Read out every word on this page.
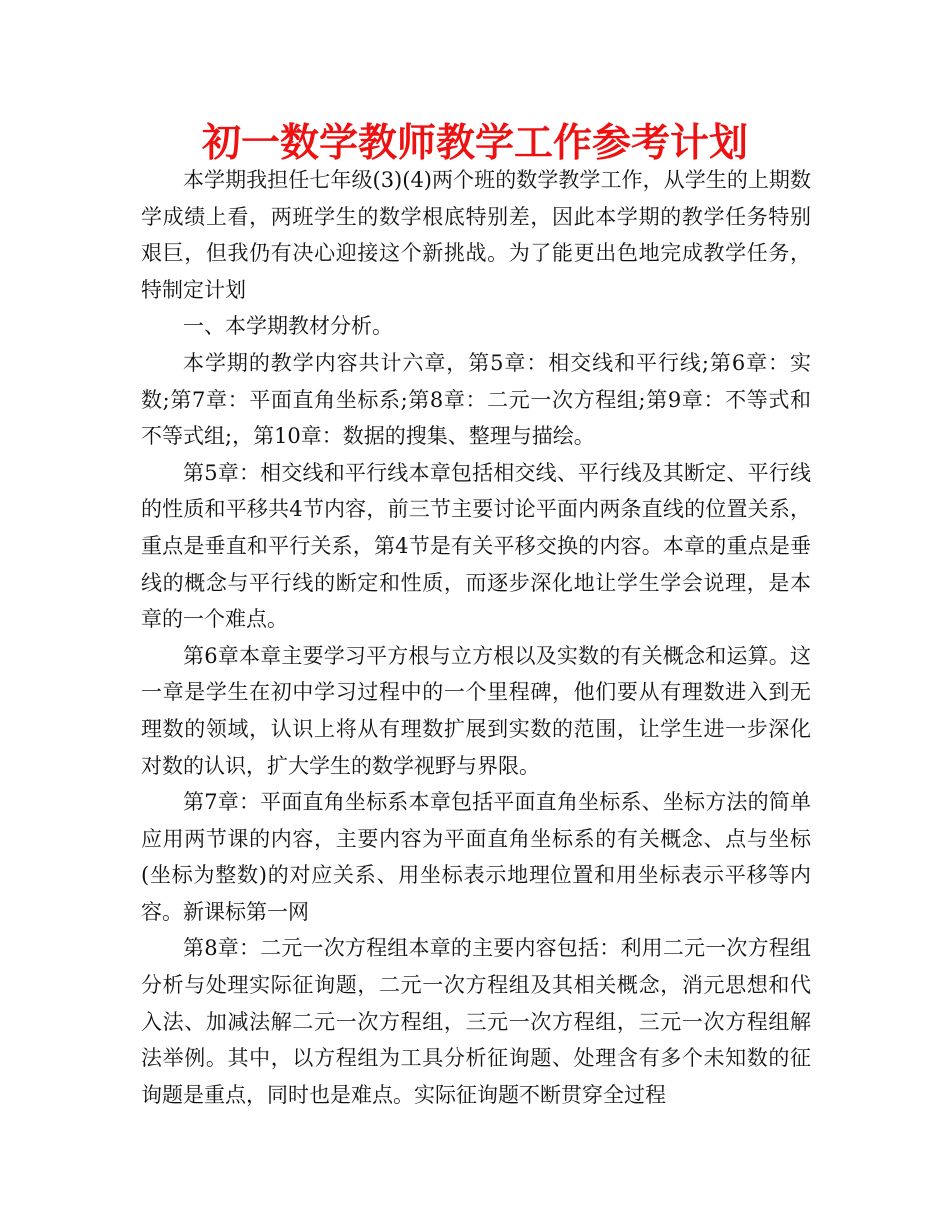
初一数学教师教学工作参考计划

本学期我担任七年级(3)(4)两个班的数学教学工作，从学生的上期数学成绩上看，两班学生的数学根底特别差，因此本学期的教学任务特别艰巨，但我仍有决心迎接这个新挑战。为了能更出色地完成教学任务，特制定计划

一、本学期教材分析。

本学期的教学内容共计六章，第5章：相交线和平行线;第6章：实数;第7章：平面直角坐标系;第8章：二元一次方程组;第9章：不等式和不等式组;，第10章：数据的搜集、整理与描绘。

第5章：相交线和平行线本章包括相交线、平行线及其断定、平行线的性质和平移共4节内容，前三节主要讨论平面内两条直线的位置关系，重点是垂直和平行关系，第4节是有关平移交换的内容。本章的重点是垂线的概念与平行线的断定和性质，而逐步深化地让学生学会说理，是本章的一个难点。

第6章本章主要学习平方根与立方根以及实数的有关概念和运算。这一章是学生在初中学习过程中的一个里程碑，他们要从有理数进入到无理数的领域，认识上将从有理数扩展到实数的范围，让学生进一步深化对数的认识，扩大学生的数学视野与界限。

第7章：平面直角坐标系本章包括平面直角坐标系、坐标方法的简单应用两节课的内容，主要内容为平面直角坐标系的有关概念、点与坐标(坐标为整数)的对应关系、用坐标表示地理位置和用坐标表示平移等内容。新课标第一网

第8章：二元一次方程组本章的主要内容包括：利用二元一次方程组分析与处理实际征询题，二元一次方程组及其相关概念，消元思想和代入法、加减法解二元一次方程组，三元一次方程组，三元一次方程组解法举例。其中，以方程组为工具分析征询题、处理含有多个未知数的征询题是重点，同时也是难点。实际征询题不断贯穿全过程
